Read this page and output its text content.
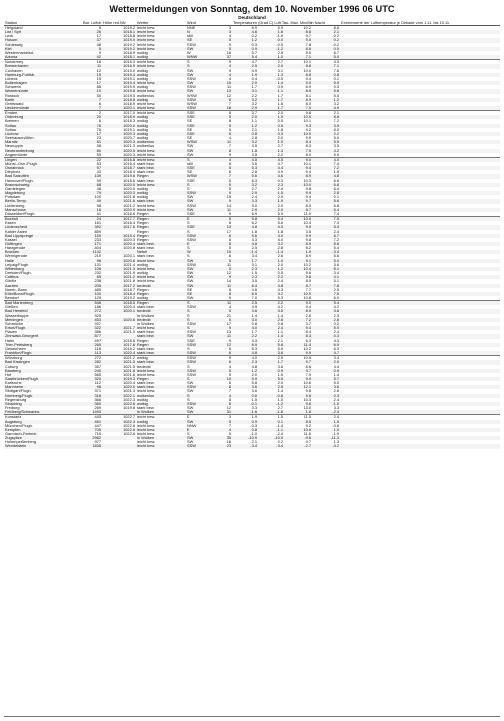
Wettermeldungen von Sonntag, dem 10. November 1996 06 UTC
Deutschland
Station	Bar. Luftdr. Höhe red.NN		Wetter	Wind		Temperaturen (Grad C) Luft Tau- Max. Min/Min Nacht				Extremwerte der Lufttemperatur je Dekade vom 1.11. bis 10.11.
Helgoland	8	1018.2	leicht bew.	NNE	3	6.9	5.9	10.2	8.6	
List / Sylt	26	1018.1	leicht bew.	N	3	4.6	1.6	8.8	2.1	
Leck	17	1018.8	leicht bew.	still	4	0.2	-1.0	9.7	-0.2	
Husum	37	1019.0	leicht bew.	SE	5	1.2	0.0	9.0	0.2	
Schleswig	48	1019.2	leicht bew.	SSW	9	0.3	-0.5	7.8	-0.2	
Kiel	5	1019.2	leicht bew.	SW	5	0.9	-1.2	8.6	0.0	
Westermarkelsd.	9	1018.9	wolkig	W	18	5.7	2.5	9.0	6.7	
Arkona	42	1018.1	wolkig	WNW	37	5.4	1.0	7.1	5.0	
Norderney	16	1016.3	leicht bew.	S	9	4.7	2.7	10.1	4.3	
Bremerhaven	11	1016.9	leicht bew.	S	4	2.5	2.0	8.8	7.1	
Cuxhaven	12	1019.0	wolkig	SW	9	4.9	3.1	10.0	7.6	
Hamburg-Fuhlsb.	15	1019.4	wolkig	SW	4	1.9	1.3	8.8	0.8	
Lübeck	15	1019.1	wolkig	SSW	4	0.4	-0.5	9.4	0.1	
Boltenhagen	17	1019.4	leicht bew.	SW	15	2.0	1.4	9.0	5.9	
Schwerin	88	1019.9	wolkig	SSW	11	1.7	0.9	6.9	0.3	
Warnemünde	10	1019.8	leicht bew.	SW	13	3.1	1.1	8.9	5.8	
Rostock	50	1019.3	wolkenlos	WSW	12	2.2	1.7	8.1	5.3	
Barth	7	1018.8	wolkig	SSW	8	3.2	1.7	8.9	1.2	
Greifswald	6	1018.9	leicht bew.	WSW	7	3.2	1.6	8.0	3.2	
Ueckermünde	7	1020.1	leicht bew.	SSW	18	2.9	1.7	7.0	4.9	
Emden	2	1017.0	leicht bew.	SSE	8	3.7	2.0	9.8	2.1	
Oldenburg	20	1018.9	wolkig	SSE	5	2.0	1.0	10.5	8.8	
Bremen	6	1018.3	wolkig	SE	8	1.1	0.5	10.1	7.2	
Soltau	76	1020.0	wolkig	SSE	5	1.2	0.5	9.3	3.9	
Soltau	76	1019.1	wolkig	SE	5	2.1	1.8	9.2	8.0	
Lüchow	17	1020.3	wolkig	SSE	6	0.8	0.3	10.0	2.2	
Seehausen/Altm.	23	1020.7	wolkig	SE	4	2.8	2.0	9.9	5.9	
Marnitz	81	1020.3	wolkenlos	WSW	11	3.2	1.0	8.4	5.5	
Neuruppin	38	1021.3	wolkenlos	SW	7	3.5	2.7	8.3	3.5	
Neubrandenburg	80	1020.5	leicht bew.	SW	8	1.8	1.4	7.5	4.2	
Angermünde	55	1020.3	leicht bew.	SW	9	3.5	2.2	8.0	5.0	
Lingen	22	1016.8	leicht bew.	S	4	4.5	4.5	9.0	4.0	
Münst.-Osn./Flugh.	53	1016.4	stark bew.	still	6	3.6	4.7	10.1	7.4	
Osnabrück	97	1018.7	stark bew.	SSE	5	5.3	4.4	9.4	7.2	
Diepholz	43	1018.4	stark bew.	SE	6	2.8	4.9	9.4	1.9	
Bad Salzuflen	139	1019.6	Regen	WSW	7	5.6	4.6	8.9	4.8	
Hannover/Flugh.	59	1018.6	stark bew.	SSE	5	6.3	0.3	10.3	6.6	
Braunschweig	88	1020.0	leicht bew.	S	5	3.2	2.3	10.0	6.8	
Gardelegen	48	1020.5	wolkig	S	5	2.7	2.4	9.8	6.4	
Magdeburg	79	1020.3	wolkig	SSW	9	2.9	1.5	9.9	2.8	
Potsdam	100	1021.8	wolkig	SW	15	2.4	2.0	9.4	0.1	
Berlin-Temp.	49	1021.6	stark bew.	SW	9	3.3	1.9	9.7	5.6	
Lindenberg	98	1021.2	leicht bew.	SSW	14	5.0	2.0	8.5	6.8	
Manschnow	16	1020.9	leicht bew.	SW	11	2.9	2.0	8.7	5.4	
Düsseldorf/Flugh.	41	1016.6	Regen	SSE	9	6.9	5.9	11.0	7.4	
Bocholt	24	1017.7	Regen	E	5	5.8	5.4	10.5	7.5	
Essen	161	1016.4	Regen	S	8	6.2	5.6	10.4	7.3	
Lüdenscheid	392	1017.6	Regen	SSE	13	4.8	4.3	9.0	5.3	
Kahler Asten	859		Regen	S	17	1.8	1.8	3.5	2.4	
Bad Lippspringe	159	1019.4	Regen	SSW	6	5.6	4.0	9.9	6.7	
Kassel	233	1020.3	Regen	SSW	5	4.3	4.0	9.8	7.2	
Göttingen	171	1020.4	stark bew.	E	8	4.8	3.2	8.9	6.8	
Harzgerode	404	1020.8	stark bew.	S	5	2.5	2.8	8.2	5.4	
Brocken	1142		Nebel	W	15	-1.4	-1.4	1.9	-3.4	
Wernigerode	210	1020.1	stark bew.	S	8	3.4	2.6	8.9	5.6	
Halle	96	1020.6	leicht bew.	SW	5	1.7	1.0	9.1	5.0	
Leipzig/Flugh.	131	1021.4	wolkig	SSW	11	3.1	2.0	10.2	3.6	
Wittenberg	106	1021.3	leicht bew.	SW	5	2.3	1.2	10.4	6.1	
Dresden/Flugh.	232	1021.9	wolkig	SW	12	1.5	0.5	9.6	3.4	
Cottbus	69	1021.2	leicht bew.	SW	9	2.3	2.2	9.8	4.1	
Görlitz	238	1021.8	leicht bew.	SW	14	3.5	2.4	8.5	5.1	
Aachen	205	1017.2	bedeckt	SW	11	6.4	4.8	8.7	7.8	
Nuerb.-Barw.	485	1018.7	Regen	SE	8	4.6	4.3	7.7	2.5	
Köln/Bonn/Flugh.	100	1018.4	Regen	SE	8	6.5	3.2	10.9	7.5	
Bendorf	129	1019.2	wolkig	SW	9	7.0	5.3	10.8	6.0	
Bad Marienberg	546	1018.5	Regen	S	11	2.5	2.2	9.0	5.4	
Gießen	186	1020.4	stark bew.	SSW	4	4.9	4.2	9.4	4.2	
Bad Hersfeld	272	1020.1	bedeckt	S	5	3.6	3.5	8.9	3.6	
Wasserkuppe	925		in Wolken	S	21	1.4	1.4	2.6	2.3	
Meiningen	453	1020.6	bedeckt	S	5	3.0	2.6	7.2	2.8	
Schmücke	937		in Wolken	SSW	17	0.8	0.8	3.7	0.2	
Erfurt/Flugh.	322	1021.7	leicht bew.	S	9	4.0	2.4	9.4	5.9	
Plauen	386	1021.0	stark bew.	SSW	13	1.7	1.1	8.4	2.4	
Zinnwald-Georgenf.	877		stark bew.	SW	11	2.2	1.4	8.3	0.3	
Hahn	497	1018.6	Regen	SSE	9	4.3	2.1	6.3	4.3	
Trier-Petrisberg	265	1017.8	Regen	SSW	12	6.9	5.8	11.4	6.9	
Geisenheim	118	1018.2	stark bew.	S	5	5.3	5.0	10.2	6.3	
Frankfurt/Flugh.	113	1020.4	stark bew.	SSW	6	4.8	3.6	9.9	4.7	
Würzburg	272	1021.2	wolkig	SSW	9	4.0	2.9	10.5	3.4	
Bad Kissingen	282	1021.5	stark bew.	SSW	6	2.3	1.7	9.7	2.0	
Coburg	357	1021.5	bedeckt	S	4	4.8	3.6	8.6	4.4	
Bamberg	240	1021.8	leicht bew.	SSW	5	1.2	0.9	9.7	0.9	
Hof	565	1021.6	leicht bew.	SSW	5	2.0	1.5	7.9	1.4	
Saarbrücken/Flugh.	320	1019.3	Regen	S	10	5.9	5.5	9.9	5.7	
Karlsruhe	112	1020.4	stark bew.	SW	6	5.8	2.0	10.6	5.0	
Mannheim	96	1020.0	stark bew.	SSW	8	3.6	2.5	12.1	3.6	
Stuttgart/Flugh.	371	1021.3	leicht bew.	SW	7	3.6	1.4	9.8	2.6	
Nürnberg/Flugh.	318	1022.1	wolkenlos	S	4	0.6	-0.8	9.8	0.3	
Regensburg	366	1022.3	wolkig	S	5	1.5	1.0	10.3	2.4	
Straubing	350	1022.6	wolkig	SSW	8	-0.1	-1.2	9.6	-1.0	
Freiburg	269	1019.8	stark bew.	SW	12	3.3	2.7	13.0	3.3	
Feldberg/Schwarzw.	1493		in Wolken	SW	31	-1.6	-1.6	1.6	-2.4	
Konstanz	443	1022.7	leicht bew.	E	3	1.9	1.5	11.5	2.4	
Augsburg	461	1022.3	wolkig	SW	5	0.9	0.1	8.5	1.5	
München/Flugh.	447	1022.6	leicht bew.	NNW	7	-0.3	-1.4	9.2	-0.6	
Kempten	705	1022.6	leicht bew.	E	4	0.8	-1.1	10.6	1.0	
Garmisch-Partenk.	719	1022.6	leicht bew.	S	5	-1.0	-2.4	11.6	-1.9	
Zugspitze	2962		in Wolken	SW	35	-10.9	-10.9	-9.6	-11.3	
Hohenpeißenberg	977		leicht bew.	SW	16	2.1	0.2	4.7	1.3	
Wendelstein	1835		leicht bew.	SSW	23	-3.4	-3.4	-2.7	-4.2	
